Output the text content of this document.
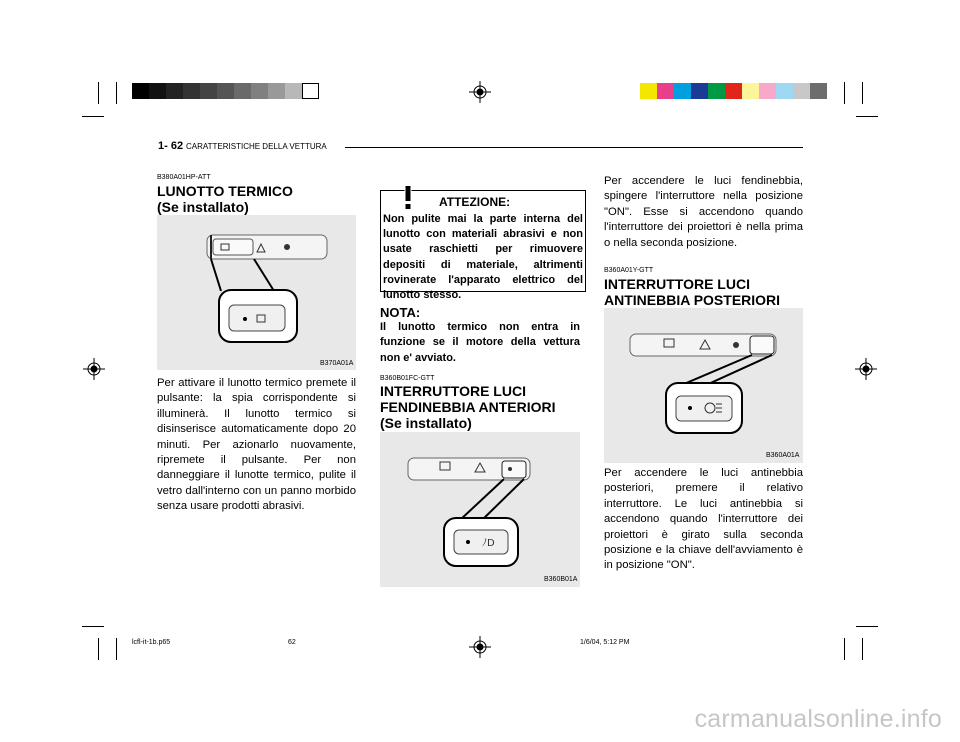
1- 62 CARATTERISTICHE DELLA VETTURA
B380A01HP-ATT
LUNOTTO TERMICO
(Se installato)
B370A01A
Per attivare il lunotto termico premete il pulsante: la spia corrispondente si illuminerà. Il lunotto termico si disinserisce automaticamente dopo 20 minuti. Per azionarlo nuovamente, ripremete il pulsante. Per non danneggiare il lunotte termico, pulite il vetro dall'interno con un panno morbido senza usare prodotti abrasivi.
ATTEZIONE:
Non pulite mai la parte interna del lunotto con materiali abrasivi e non usate raschietti per rimuovere depositi di materiale, altrimenti rovinerate l'apparato elettrico del lunotto stesso.
NOTA:
Il lunotto termico non entra in funzione se il motore della vettura non e' avviato.
B360B01FC-GTT
INTERRUTTORE LUCI
FENDINEBBIA ANTERIORI
(Se installato)
ﾉD
B360B01A
Per accendere le luci fendinebbia, spingere l'interruttore nella posizione "ON". Esse si accendono quando l'interruttore dei proiettori è nella prima o nella seconda posizione.
B360A01Y-GTT
INTERRUTTORE LUCI
ANTINEBBIA POSTERIORI
B360A01A
Per accendere le luci antinebbia posteriori, premere il relativo interruttore. Le luci antinebbia si accendono quando l'interruttore dei proiettori è girato sulla seconda posizione e la chiave dell'avviamento è in posizione "ON".
lcfl-it-1b.p65	62	1/6/04, 5:12 PM
carmanualsonline.info
